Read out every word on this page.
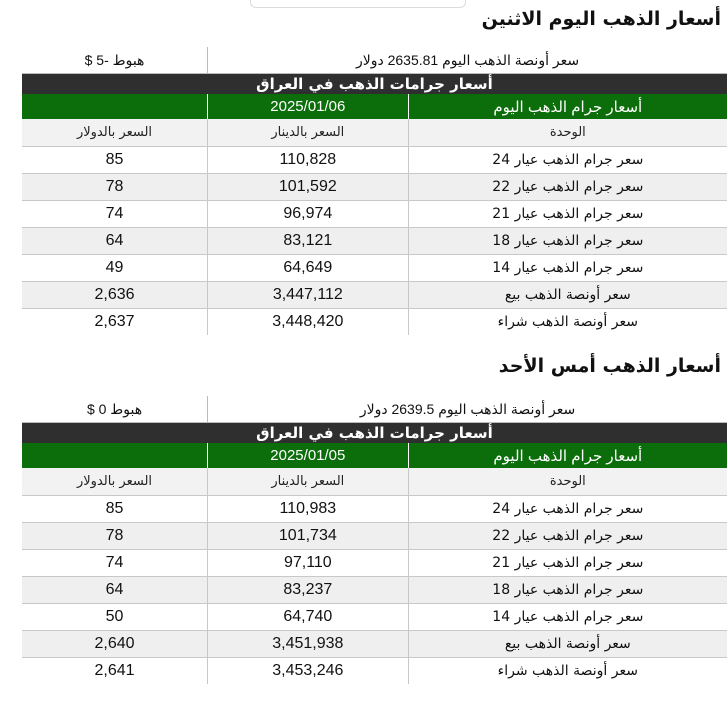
أسعار الذهب اليوم الاثنين
سعر أونصة الذهب اليوم 2635.81 دولار		هبوط -5 $
أسعار جرامات الذهب في العراق		
أسعار جرام الذهب اليوم	2025/01/06	
الوحدة	السعر بالدينار	السعر بالدولار
سعر جرام الذهب عيار 24	110,828	85
سعر جرام الذهب عيار 22	101,592	78
سعر جرام الذهب عيار 21	96,974	74
سعر جرام الذهب عيار 18	83,121	64
سعر جرام الذهب عيار 14	64,649	49
سعر أونصة الذهب بيع	3,447,112	2,636
سعر أونصة الذهب شراء	3,448,420	2,637
أسعار الذهب أمس الأحد
سعر أونصة الذهب اليوم 2639.5 دولار		هبوط 0 $
أسعار جرامات الذهب في العراق		
أسعار جرام الذهب اليوم	2025/01/05	
الوحدة	السعر بالدينار	السعر بالدولار
سعر جرام الذهب عيار 24	110,983	85
سعر جرام الذهب عيار 22	101,734	78
سعر جرام الذهب عيار 21	97,110	74
سعر جرام الذهب عيار 18	83,237	64
سعر جرام الذهب عيار 14	64,740	50
سعر أونصة الذهب بيع	3,451,938	2,640
سعر أونصة الذهب شراء	3,453,246	2,641
